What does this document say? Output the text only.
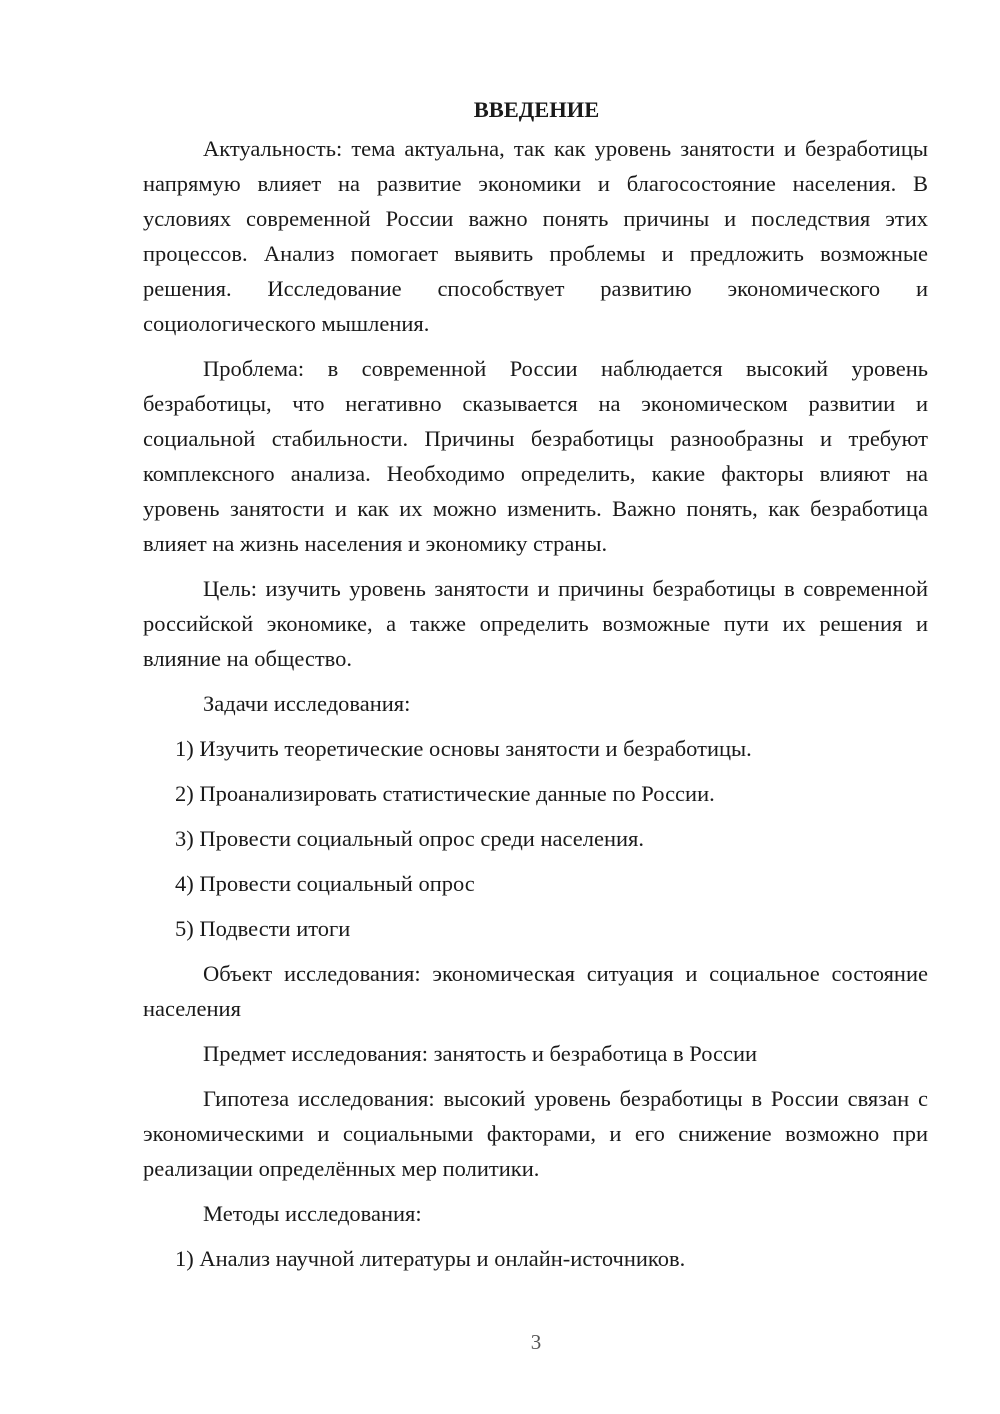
ВВЕДЕНИЕ

Актуальность: тема актуальна, так как уровень занятости и безработицы напрямую влияет на развитие экономики и благосостояние населения. В условиях современной России важно понять причины и последствия этих процессов. Анализ помогает выявить проблемы и предложить возможные решения. Исследование способствует развитию экономического и социологического мышления.

Проблема: в современной России наблюдается высокий уровень безработицы, что негативно сказывается на экономическом развитии и социальной стабильности. Причины безработицы разнообразны и требуют комплексного анализа. Необходимо определить, какие факторы влияют на уровень занятости и как их можно изменить. Важно понять, как безработица влияет на жизнь населения и экономику страны.

Цель: изучить уровень занятости и причины безработицы в современной российской экономике, а также определить возможные пути их решения и влияние на общество.

Задачи исследования:

1) Изучить теоретические основы занятости и безработицы.

2) Проанализировать статистические данные по России.

3) Провести социальный опрос среди населения.

4) Провести социальный опрос

5) Подвести итоги

Объект исследования: экономическая ситуация и социальное состояние населения

Предмет исследования: занятость и безработица в России

Гипотеза исследования: высокий уровень безработицы в России связан с экономическими и социальными факторами, и его снижение возможно при реализации определённых мер политики.

Методы исследования:

1) Анализ научной литературы и онлайн-источников.

3
